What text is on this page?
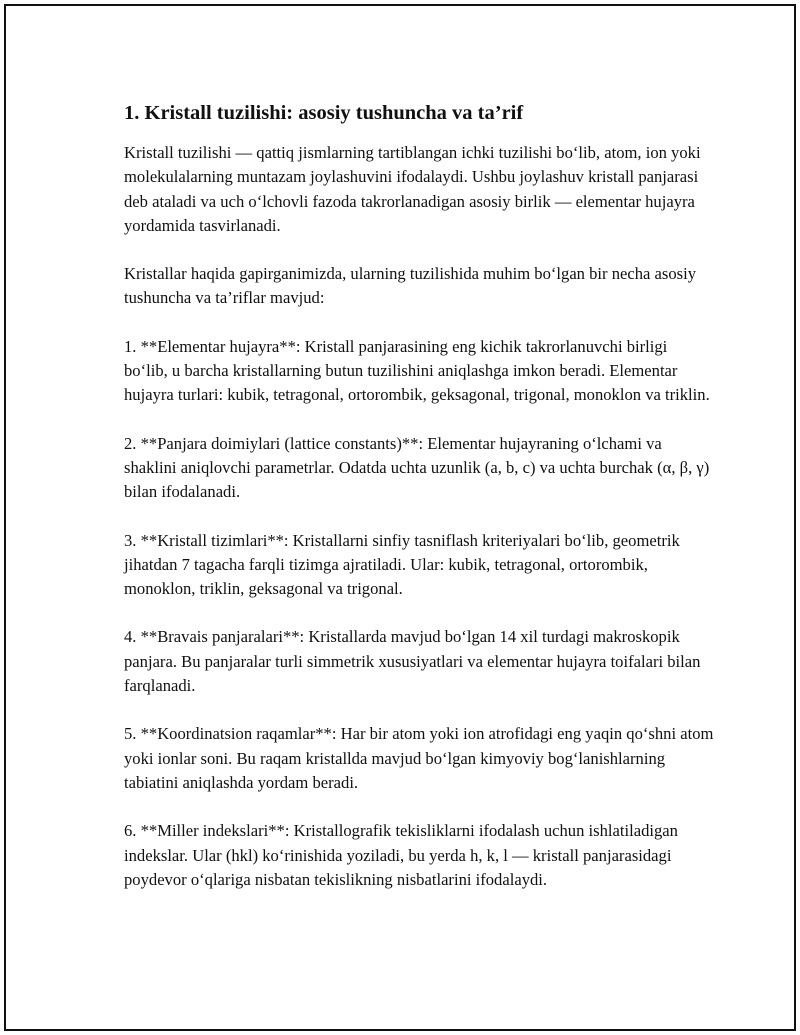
1. Kristall tuzilishi: asosiy tushuncha va ta’rif

Kristall tuzilishi — qattiq jismlarning tartiblangan ichki tuzilishi bo‘lib, atom, ion yoki molekulalarning muntazam joylashuvini ifodalaydi. Ushbu joylashuv kristall panjarasi deb ataladi va uch o‘lchovli fazoda takrorlanadigan asosiy birlik — elementar hujayra yordamida tasvirlanadi.

Kristallar haqida gapirganimizda, ularning tuzilishida muhim bo‘lgan bir necha asosiy tushuncha va ta’riflar mavjud:

1. **Elementar hujayra**: Kristall panjarasining eng kichik takrorlanuvchi birligi bo‘lib, u barcha kristallarning butun tuzilishini aniqlashga imkon beradi. Elementar hujayra turlari: kubik, tetragonal, ortorombik, geksagonal, trigonal, monoklon va triklin.

2. **Panjara doimiylari (lattice constants)**: Elementar hujayraning o‘lchami va shaklini aniqlovchi parametrlar. Odatda uchta uzunlik (a, b, c) va uchta burchak (α, β, γ) bilan ifodalanadi.

3. **Kristall tizimlari**: Kristallarni sinfiy tasniflash kriteriyalari bo‘lib, geometrik jihatdan 7 tagacha farqli tizimga ajratiladi. Ular: kubik, tetragonal, ortorombik, monoklon, triklin, geksagonal va trigonal.

4. **Bravais panjaralari**: Kristallarda mavjud bo‘lgan 14 xil turdagi makroskopik panjara. Bu panjaralar turli simmetrik xususiyatlari va elementar hujayra toifalari bilan farqlanadi.

5. **Koordinatsion raqamlar**: Har bir atom yoki ion atrofidagi eng yaqin qo‘shni atom yoki ionlar soni. Bu raqam kristallda mavjud bo‘lgan kimyoviy bog‘lanishlarning tabiatini aniqlashda yordam beradi.

6. **Miller indekslari**: Kristallografik tekisliklarni ifodalash uchun ishlatiladigan indekslar. Ular (hkl) ko‘rinishida yoziladi, bu yerda h, k, l — kristall panjarasidagi poydevor o‘qlariga nisbatan tekislikning nisbatlarini ifodalaydi.
